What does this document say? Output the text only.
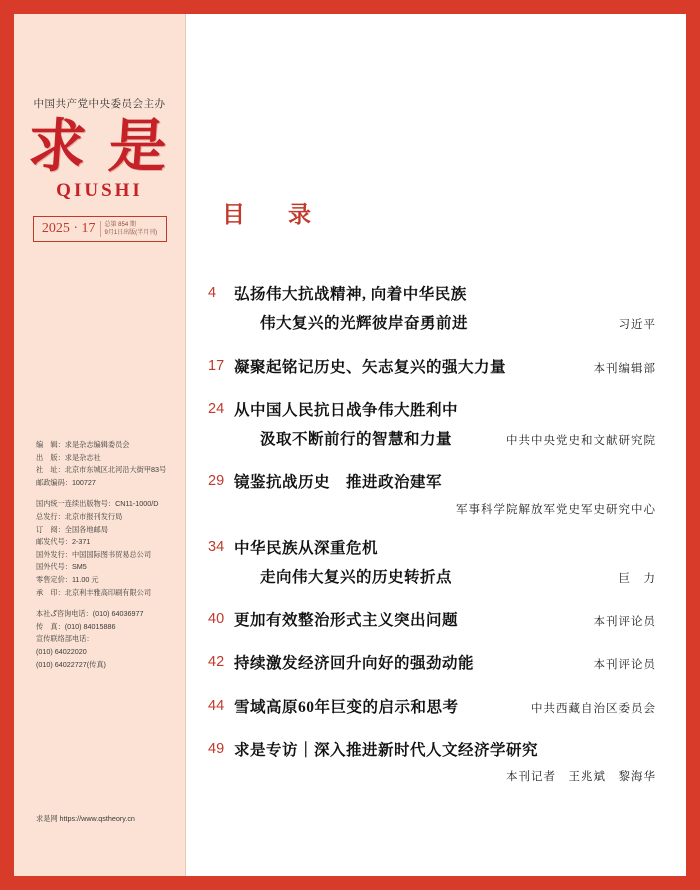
中国共产党中央委员会主办
求 是
QIUSHI
2025 · 17 总第 854 期
9月1日出版(半月刊)
编　辑：求是杂志编辑委员会
出　版：求是杂志社
社　址：北京市东城区北河沿大街甲83号
邮政编码：100727
国内统一连续出版物号：CN11-1000/D
总发行：北京市报刊发行局
订　阅：全国各地邮局
邮发代号：2-371
国外发行：中国国际图书贸易总公司
国外代号：SM5
零售定价：11.00 元
承　印：北京利丰雅高印刷有限公司
本社گ咨询电话：(010) 64036977
传　真：(010) 84015886
宣传联络部电话：
(010) 64022020
(010) 64022727(传真)
求是网 https://www.qstheory.cn
目　录
4	弘扬伟大抗战精神, 向着中华民族
伟大复兴的光辉彼岸奋勇前进	习近平
17 凝聚起铭记历史、矢志复兴的强大力量	本刊编辑部
24 从中国人民抗日战争伟大胜利中
汲取不断前行的智慧和力量	中共中央党史和文献研究院
29 镜鉴抗战历史　推进政治建军
军事科学院解放军党史军史研究中心
34 中华民族从深重危机
走向伟大复兴的历史转折点	巨　力
40 更加有效整治形式主义突出问题	本刊评论员
42 持续激发经济回升向好的强劲动能	本刊评论员
44 雪域高原60年巨变的启示和思考	中共西藏自治区委员会
49 求是专访｜深入推进新时代人文经济学研究
本刊记者　王兆斌　黎海华
